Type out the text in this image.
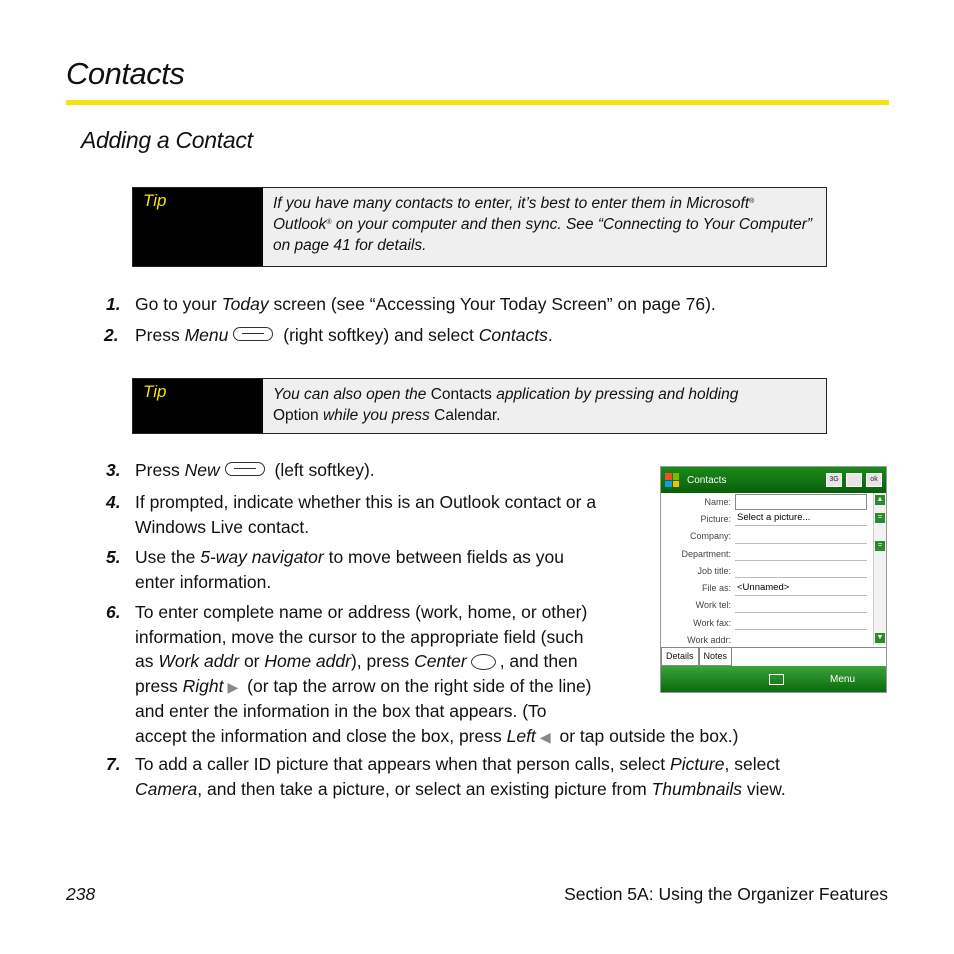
Contacts
Adding a Contact
Tip	If you have many contacts to enter, it’s best to enter them in Microsoft®
Outlook® on your computer and then sync. See “Connecting to Your Computer” on page 41 for details.
1. Go to your Today screen (see “Accessing Your Today Screen” on page 76).
2. Press Menu	(right softkey) and select Contacts.
Tip	You can also open the Contacts application by pressing and holding
Option while you press Calendar.
3. Press New	(left softkey).
4. If prompted, indicate whether this is an Outlook contact or a
Windows Live contact.
5. Use the 5-way navigator to move between fields as you
enter information.
6. To enter complete name or address (work, home, or other)
information, move the cursor to the appropriate field (such
as Work addr or Home addr), press Center , and then
press Right ▶ (or tap the arrow on the right side of the line)
and enter the information in the box that appears. (To
accept the information and close the box, press Left ◀ or tap outside the box.)
7. To add a caller ID picture that appears when that person calls, select Picture, select
Camera, and then take a picture, or select an existing picture from Thumbnails view.
Contacts	3G	ok
Name:
Picture: Select a picture...
Company:
Department:
Job title:
File as: <Unnamed>
Work tel:
Work fax:
Work addr:
▲
=
=
▼
Details	Notes
Menu
238	Section 5A: Using the Organizer Features
